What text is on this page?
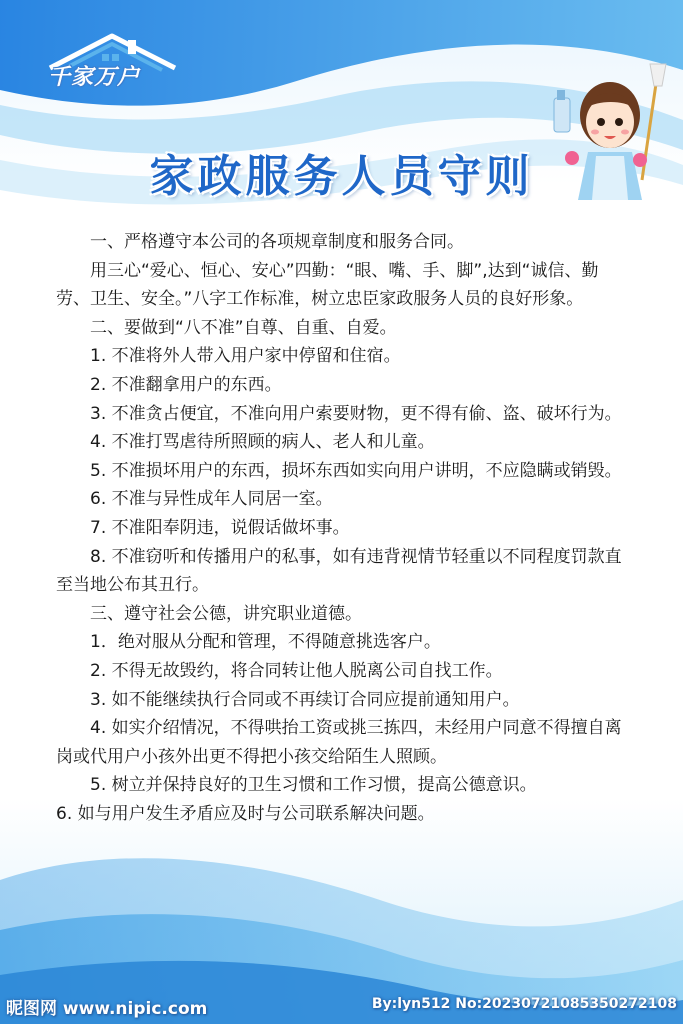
千家万户
家政服务人员守则

一、严格遵守本公司的各项规章制度和服务合同。

用三心“爱心、恒心、安心”四勤：“眼、嘴、手、脚”,达到“诚信、勤劳、卫生、安全。”八字工作标准，树立忠臣家政服务人员的良好形象。

二、要做到“八不准”自尊、自重、自爱。

1. 不准将外人带入用户家中停留和住宿。

2. 不准翻拿用户的东西。

3. 不准贪占便宜，不准向用户索要财物，更不得有偷、盗、破坏行为。

4. 不准打骂虐待所照顾的病人、老人和儿童。

5. 不准损坏用户的东西，损坏东西如实向用户讲明，不应隐瞒或销毁。

6. 不准与异性成年人同居一室。

7. 不准阳奉阴违，说假话做坏事。

8. 不准窃听和传播用户的私事，如有违背视情节轻重以不同程度罚款直至当地公布其丑行。

三、遵守社会公德，讲究职业道德。

1．绝对服从分配和管理，不得随意挑选客户。

2. 不得无故毁约，将合同转让他人脱离公司自找工作。

3. 如不能继续执行合同或不再续订合同应提前通知用户。

4. 如实介绍情况，不得哄抬工资或挑三拣四，未经用户同意不得擅自离岗或代用户小孩外出更不得把小孩交给陌生人照顾。

5. 树立并保持良好的卫生习惯和工作习惯，提高公德意识。

6. 如与用户发生矛盾应及时与公司联系解决问题。

昵图网 www.nipic.com	By:lyn512 No:20230721085350272108
